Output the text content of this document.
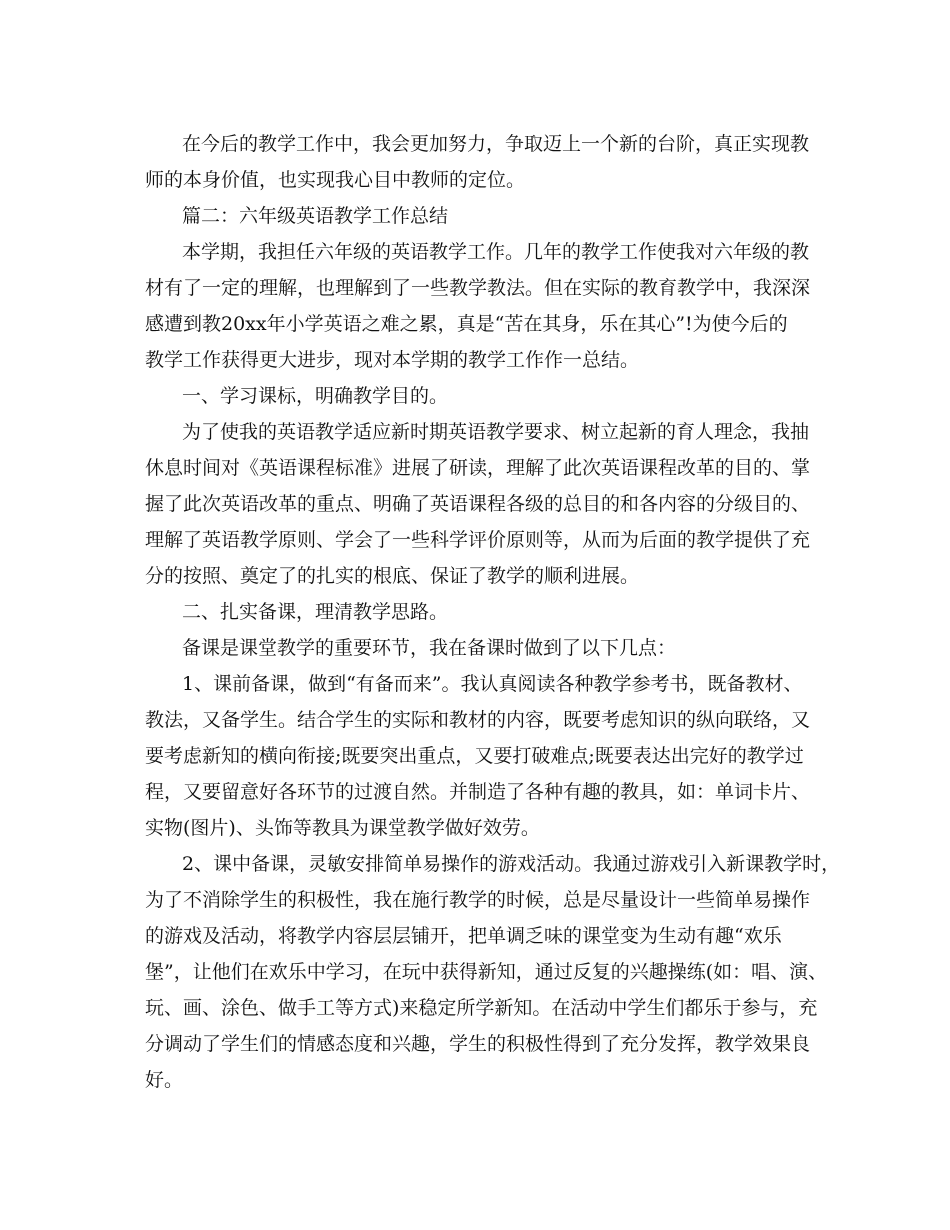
在今后的教学工作中，我会更加努力，争取迈上一个新的台阶，真正实现教
师的本身价值，也实现我心目中教师的定位。
篇二：六年级英语教学工作总结
本学期，我担任六年级的英语教学工作。几年的教学工作使我对六年级的教
材有了一定的理解，也理解到了一些教学教法。但在实际的教育教学中，我深深
感遭到教20xx年小学英语之难之累，真是“苦在其身，乐在其心”!为使今后的
教学工作获得更大进步，现对本学期的教学工作作一总结。
一、学习课标，明确教学目的。
为了使我的英语教学适应新时期英语教学要求、树立起新的育人理念，我抽
休息时间对《英语课程标准》进展了研读，理解了此次英语课程改革的目的、掌
握了此次英语改革的重点、明确了英语课程各级的总目的和各内容的分级目的、
理解了英语教学原则、学会了一些科学评价原则等，从而为后面的教学提供了充
分的按照、奠定了的扎实的根底、保证了教学的顺利进展。
二、扎实备课，理清教学思路。
备课是课堂教学的重要环节，我在备课时做到了以下几点：
1、课前备课，做到“有备而来”。我认真阅读各种教学参考书，既备教材、
教法，又备学生。结合学生的实际和教材的内容，既要考虑知识的纵向联络，又
要考虑新知的横向衔接;既要突出重点，又要打破难点;既要表达出完好的教学过
程，又要留意好各环节的过渡自然。并制造了各种有趣的教具，如：单词卡片、
实物(图片)、头饰等教具为课堂教学做好效劳。
2、课中备课，灵敏安排简单易操作的游戏活动。我通过游戏引入新课教学时，
为了不消除学生的积极性，我在施行教学的时候，总是尽量设计一些简单易操作
的游戏及活动，将教学内容层层铺开，把单调乏味的课堂变为生动有趣“欢乐
堡”，让他们在欢乐中学习，在玩中获得新知，通过反复的兴趣操练(如：唱、演、
玩、画、涂色、做手工等方式)来稳定所学新知。在活动中学生们都乐于参与，充
分调动了学生们的情感态度和兴趣，学生的积极性得到了充分发挥，教学效果良
好。
